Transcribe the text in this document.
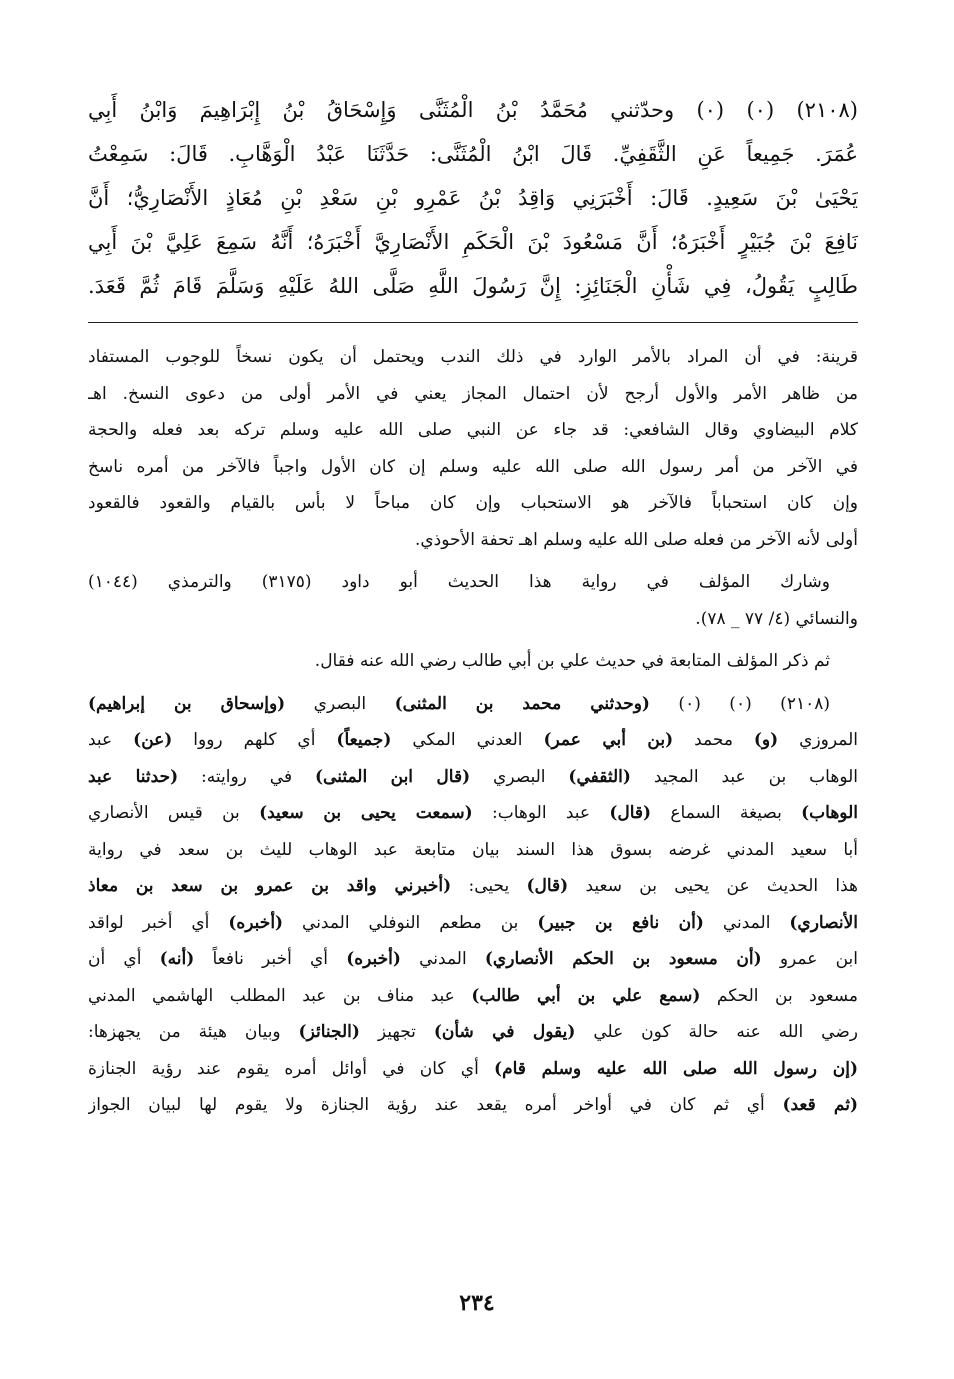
(٢١٠٨) (٠) (٠) وحدّثني مُحَمَّدُ بْنُ الْمُثَنَّى وَإِسْحَاقُ بْنُ إِبْرَاهِيمَ وَابْنُ أَبِي
عُمَرَ. جَمِيعاً عَنِ الثَّقَفِيِّ. قَالَ ابْنُ الْمُثَنَّى: حَدَّثَنَا عَبْدُ الْوَهَّابِ. قَالَ: سَمِعْتُ
يَحْيَىٰ بْنَ سَعِيدٍ. قَالَ: أَخْبَرَنِي وَاقِدُ بْنُ عَمْرِو بْنِ سَعْدِ بْنِ مُعَاذٍ الأَنْصَارِيُّ؛ أَنَّ
نَافِعَ بْنَ جُبَيْرٍ أَخْبَرَهُ؛ أَنَّ مَسْعُودَ بْنَ الْحَكَمِ الأَنْصَارِيَّ أَخْبَرَهُ؛ أَنَّهُ سَمِعَ عَلِيَّ بْنَ أَبِي
طَالِبٍ يَقُولُ، فِي شَأْنِ الْجَنَائِزِ: إِنَّ رَسُولَ اللَّهِ صَلَّى اللهُ عَلَيْهِ وَسَلَّمَ قَامَ ثُمَّ قَعَدَ.
قرينة: في أن المراد بالأمر الوارد في ذلك الندب ويحتمل أن يكون نسخاً للوجوب المستفاد
من ظاهر الأمر والأول أرجح لأن احتمال المجاز يعني في الأمر أولى من دعوى النسخ. اهـ
كلام البيضاوي وقال الشافعي: قد جاء عن النبي صلى الله عليه وسلم تركه بعد فعله والحجة
في الآخر من أمر رسول الله صلى الله عليه وسلم إن كان الأول واجباً فالآخر من أمره ناسخ
وإن كان استحباباً فالآخر هو الاستحباب وإن كان مباحاً لا بأس بالقيام والقعود فالقعود
أولى لأنه الآخر من فعله صلى الله عليه وسلم اهـ تحفة الأحوذي.
وشارك المؤلف في رواية هذا الحديث أبو داود (٣١٧٥) والترمذي (١٠٤٤)
والنسائي (٤/ ٧٧ _ ٧٨).
ثم ذكر المؤلف المتابعة في حديث علي بن أبي طالب رضي الله عنه فقال.
(٢١٠٨) (٠) (٠) (وحدثني محمد بن المثنى) البصري (وإسحاق بن إبراهيم)
المروزي (و) محمد (بن أبي عمر) العدني المكي (جميعاً) أي كلهم رووا (عن) عبد
الوهاب بن عبد المجيد (الثقفي) البصري (قال ابن المثنى) في روايته: (حدثنا عبد
الوهاب) بصيغة السماع (قال) عبد الوهاب: (سمعت يحيى بن سعيد) بن قيس الأنصاري
أبا سعيد المدني غرضه بسوق هذا السند بيان متابعة عبد الوهاب لليث بن سعد في رواية
هذا الحديث عن يحيى بن سعيد (قال) يحيى: (أخبرني واقد بن عمرو بن سعد بن معاذ
الأنصاري) المدني (أن نافع بن جبير) بن مطعم النوفلي المدني (أخبره) أي أخبر لواقد
ابن عمرو (أن مسعود بن الحكم الأنصاري) المدني (أخبره) أي أخبر نافعاً (أنه) أي أن
مسعود بن الحكم (سمع علي بن أبي طالب) عبد مناف بن عبد المطلب الهاشمي المدني
رضي الله عنه حالة كون علي (يقول في شأن) تجهيز (الجنائز) وبيان هيئة من يجهزها:
(إن رسول الله صلى الله عليه وسلم قام) أي كان في أوائل أمره يقوم عند رؤية الجنازة
(ثم قعد) أي ثم كان في أواخر أمره يقعد عند رؤية الجنازة ولا يقوم لها لبيان الجواز
٢٣٤
